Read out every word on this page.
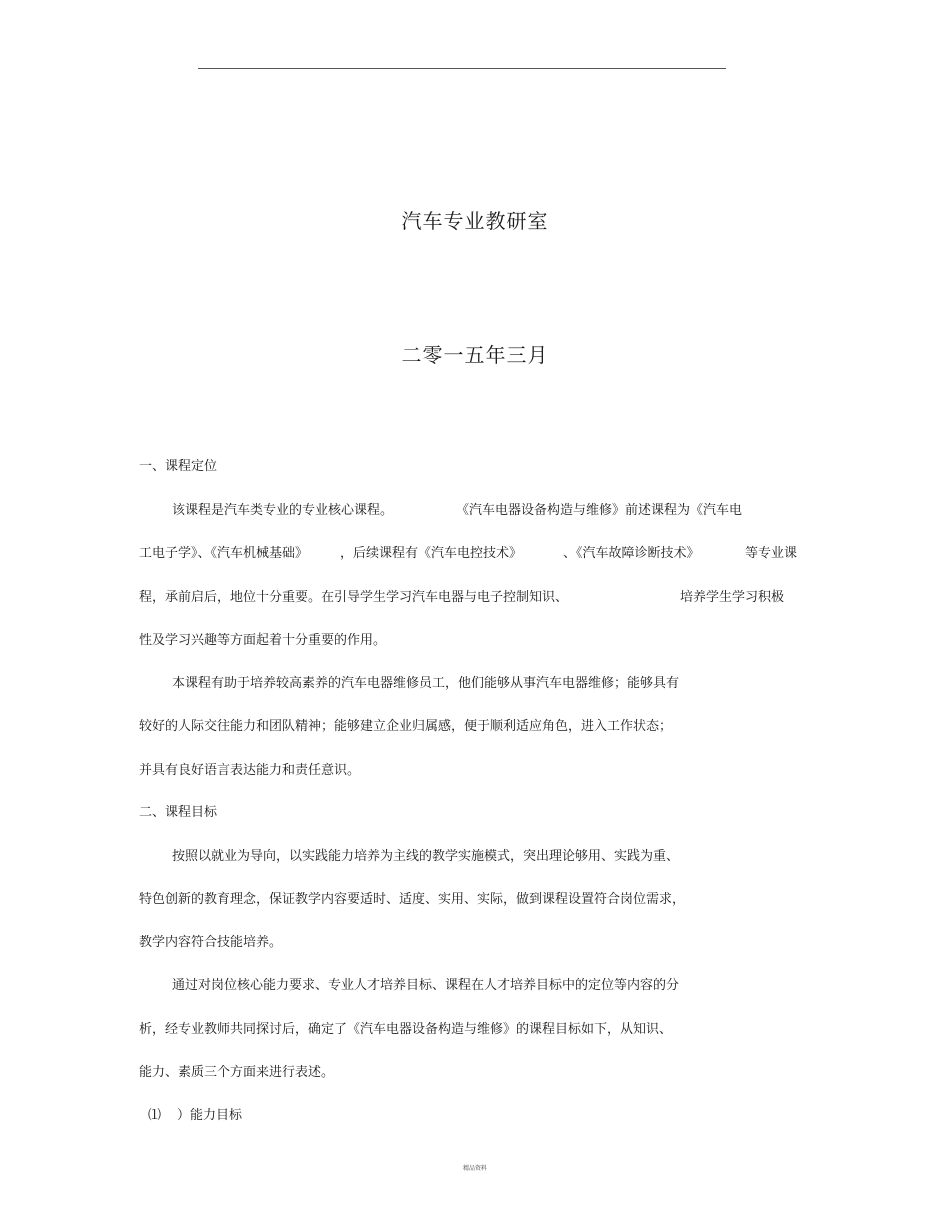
汽车专业教研室
二零一五年三月
一、课程定位
该课程是汽车类专业的专业核心课程。	《汽车电器设备构造与维修》前述课程为《汽车电
工电子学》、《汽车机械基础》 ，后续课程有《汽车电控技术》	、《汽车故障诊断技术》	等专业课
程，承前启后，地位十分重要。在引导学生学习汽车电器与电子控制知识、	培养学生学习积极
性及学习兴趣等方面起着十分重要的作用。
本课程有助于培养较高素养的汽车电器维修员工，他们能够从事汽车电器维修；能够具有
较好的人际交往能力和团队精神；能够建立企业归属感，便于顺利适应角色，进入工作状态；
并具有良好语言表达能力和责任意识。
二、课程目标
按照以就业为导向，以实践能力培养为主线的教学实施模式，突出理论够用、实践为重、
特色创新的教育理念，保证教学内容要适时、适度、实用、实际，做到课程设置符合岗位需求，
教学内容符合技能培养。
通过对岗位核心能力要求、专业人才培养目标、课程在人才培养目标中的定位等内容的分
析，经专业教师共同探讨后，确定了《汽车电器设备构造与维修》的课程目标如下，从知识、
能力、素质三个方面来进行表述。
⑴ ）能力目标
精品资料
